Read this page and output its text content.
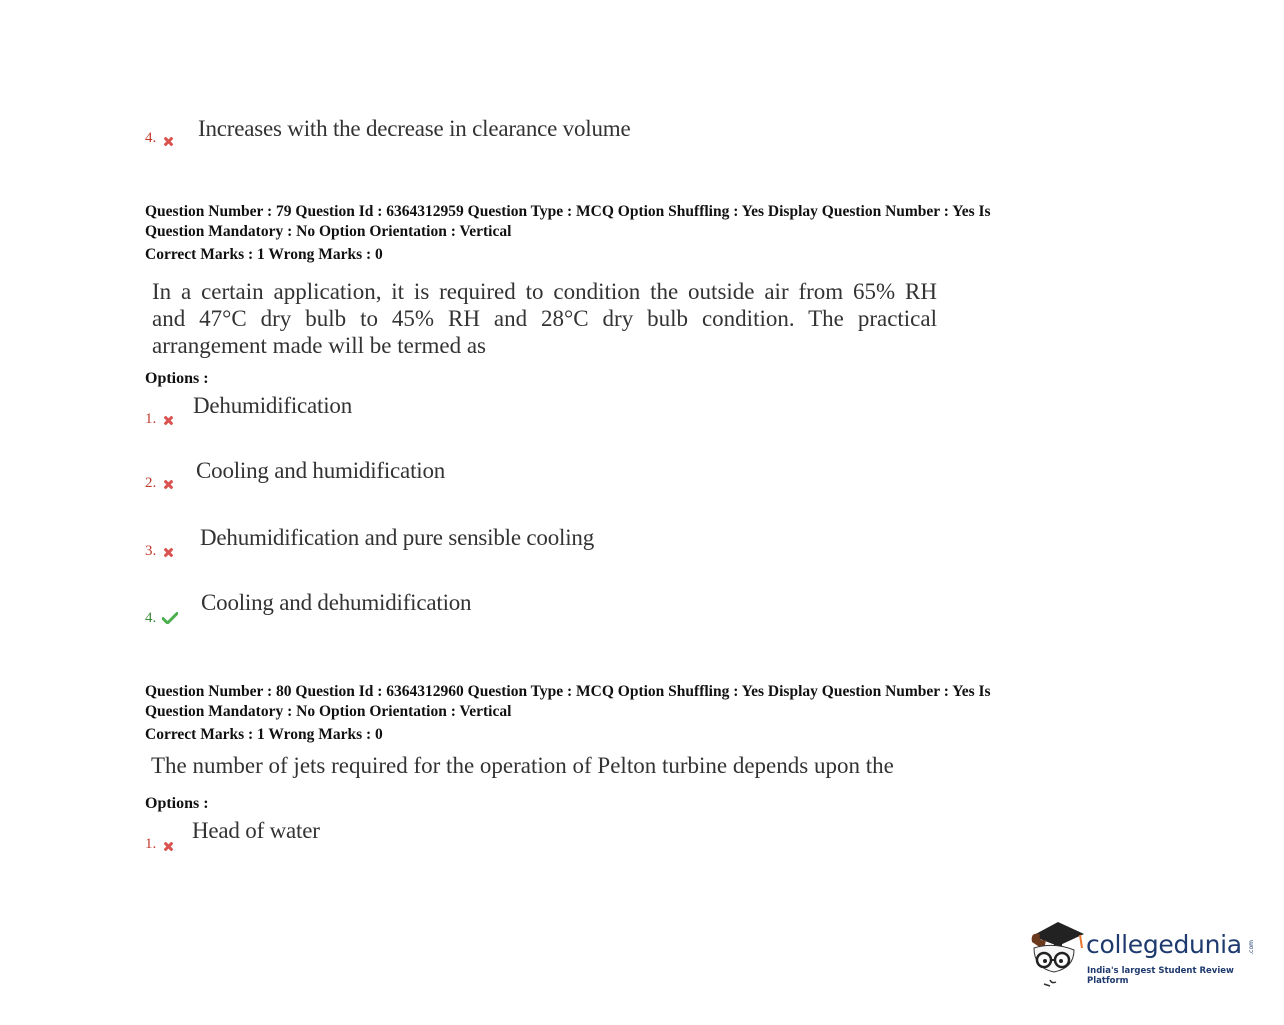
4. Increases with the decrease in clearance volume
Question Number : 79 Question Id : 6364312959 Question Type : MCQ Option Shuffling : Yes Display Question Number : Yes Is
Question Mandatory : No Option Orientation : Vertical
Correct Marks : 1 Wrong Marks : 0
In a certain application, it is required to condition the outside air from 65% RH
and 47°C dry bulb to 45% RH and 28°C dry bulb condition. The practical
arrangement made will be termed as
Options :
1.
Dehumidification
2. Cooling and humidification
3.
Dehumidification and pure sensible cooling
4.
Cooling and dehumidification
Question Number : 80 Question Id : 6364312960 Question Type : MCQ Option Shuffling : Yes Display Question Number : Yes Is
Question Mandatory : No Option Orientation : Vertical
Correct Marks : 1 Wrong Marks : 0
The number of jets required for the operation of Pelton turbine depends upon the
Options :
1.
Head of water
collegedunia .com
India's largest Student Review Platform
